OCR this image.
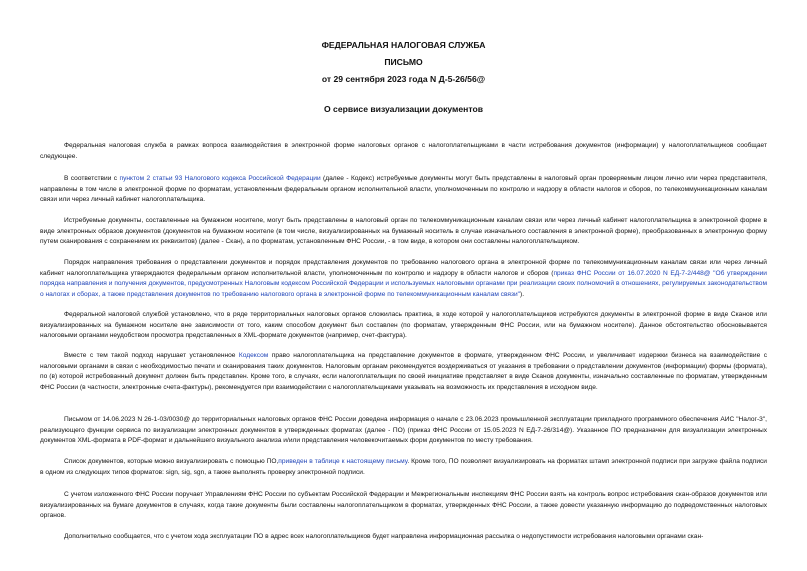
ФЕДЕРАЛЬНАЯ НАЛОГОВАЯ СЛУЖБА
ПИСЬМО
от 29 сентября 2023 года N Д-5-26/56@
О сервисе визуализации документов

Федеральная налоговая служба в рамках вопроса взаимодействия в электронной форме налоговых органов с налогоплательщиками в части истребования документов (информации) у налогоплательщиков сообщает следующее.

В соответствии с пунктом 2 статьи 93 Налогового кодекса Российской Федерации (далее - Кодекс) истребуемые документы могут быть представлены в налоговый орган проверяемым лицом лично или через представителя, направлены в том числе в электронной форме по форматам, установленным федеральным органом исполнительной власти, уполномоченным по контролю и надзору в области налогов и сборов, по телекоммуникационным каналам связи или через личный кабинет налогоплательщика.

Истребуемые документы, составленные на бумажном носителе, могут быть представлены в налоговый орган по телекоммуникационным каналам связи или через личный кабинет налогоплательщика в электронной форме в виде электронных образов документов (документов на бумажном носителе (в том числе, визуализированных на бумажный носитель в случае изначального составления в электронной форме), преобразованных в электронную форму путем сканирования с сохранением их реквизитов) (далее - Скан), а по форматам, установленным ФНС России, - в том виде, в котором они составлены налогоплательщиком.

Порядок направления требования о представлении документов и порядок представления документов по требованию налогового органа в электронной форме по телекоммуникационным каналам связи или через личный кабинет налогоплательщика утверждаются федеральным органом исполнительной власти, уполномоченным по контролю и надзору в области налогов и сборов (приказ ФНС России от 16.07.2020 N ЕД-7-2/448@ "Об утверждении порядка направления и получения документов, предусмотренных Налоговым кодексом Российской Федерации и используемых налоговыми органами при реализации своих полномочий в отношениях, регулируемых законодательством о налогах и сборах, а также представления документов по требованию налогового органа в электронной форме по телекоммуникационным каналам связи").

Федеральной налоговой службой установлено, что в ряде территориальных налоговых органов сложилась практика, в ходе которой у налогоплательщиков истребуются документы в электронной форме в виде Сканов или визуализированных на бумажном носителе вне зависимости от того, каким способом документ был составлен (по форматам, утвержденным ФНС России, или на бумажном носителе). Данное обстоятельство обосновывается налоговыми органами неудобством просмотра представленных в XML-формате документов (например, счет-фактура).

Вместе с тем такой подход нарушает установленное Кодексом право налогоплательщика на представление документов в формате, утвержденном ФНС России, и увеличивает издержки бизнеса на взаимодействие с налоговыми органами в связи с необходимостью печати и сканирования таких документов. Налоговым органам рекомендуется воздерживаться от указания в требовании о представлении документов (информации) формы (формата), по (в) которой истребованный документ должен быть представлен. Кроме того, в случаях, если налогоплательщик по своей инициативе представляет в виде Сканов документы, изначально составленные по форматам, утвержденным ФНС России (в частности, электронные счета-фактуры), рекомендуется при взаимодействии с налогоплательщиками указывать на возможность их представления в исходном виде.

Письмом от 14.06.2023 N 26-1-03/0030@ до территориальных налоговых органов ФНС России доведена информация о начале с 23.06.2023 промышленной эксплуатации прикладного программного обеспечения АИС "Налог-3", реализующего функции сервиса по визуализации электронных документов в утвержденных форматах (далее - ПО) (приказ ФНС России от 15.05.2023 N ЕД-7-26/314@). Указанное ПО предназначен для визуализации электронных документов XML-формата в PDF-формат и дальнейшего визуального анализа и/или представления человекочитаемых форм документов по месту требования.

Список документов, которые можно визуализировать с помощью ПО,приведен в таблице к настоящему письму. Кроме того, ПО позволяет визуализировать на форматах штамп электронной подписи при загрузке файла подписи в одном из следующих типов форматов: sign, sig, sgn, а также выполнять проверку электронной подписи.

С учетом изложенного ФНС России поручает Управлениям ФНС России по субъектам Российской Федерации и Межрегиональным инспекциям ФНС России взять на контроль вопрос истребования скан-образов документов или визуализированных на бумаге документов в случаях, когда такие документы были составлены налогоплательщиком в форматах, утвержденных ФНС России, а также довести указанную информацию до подведомственных налоговых органов.

Дополнительно сообщается, что с учетом хода эксплуатации ПО в адрес всех налогоплательщиков будет направлена информационная рассылка о недопустимости истребования налоговыми органами скан-
